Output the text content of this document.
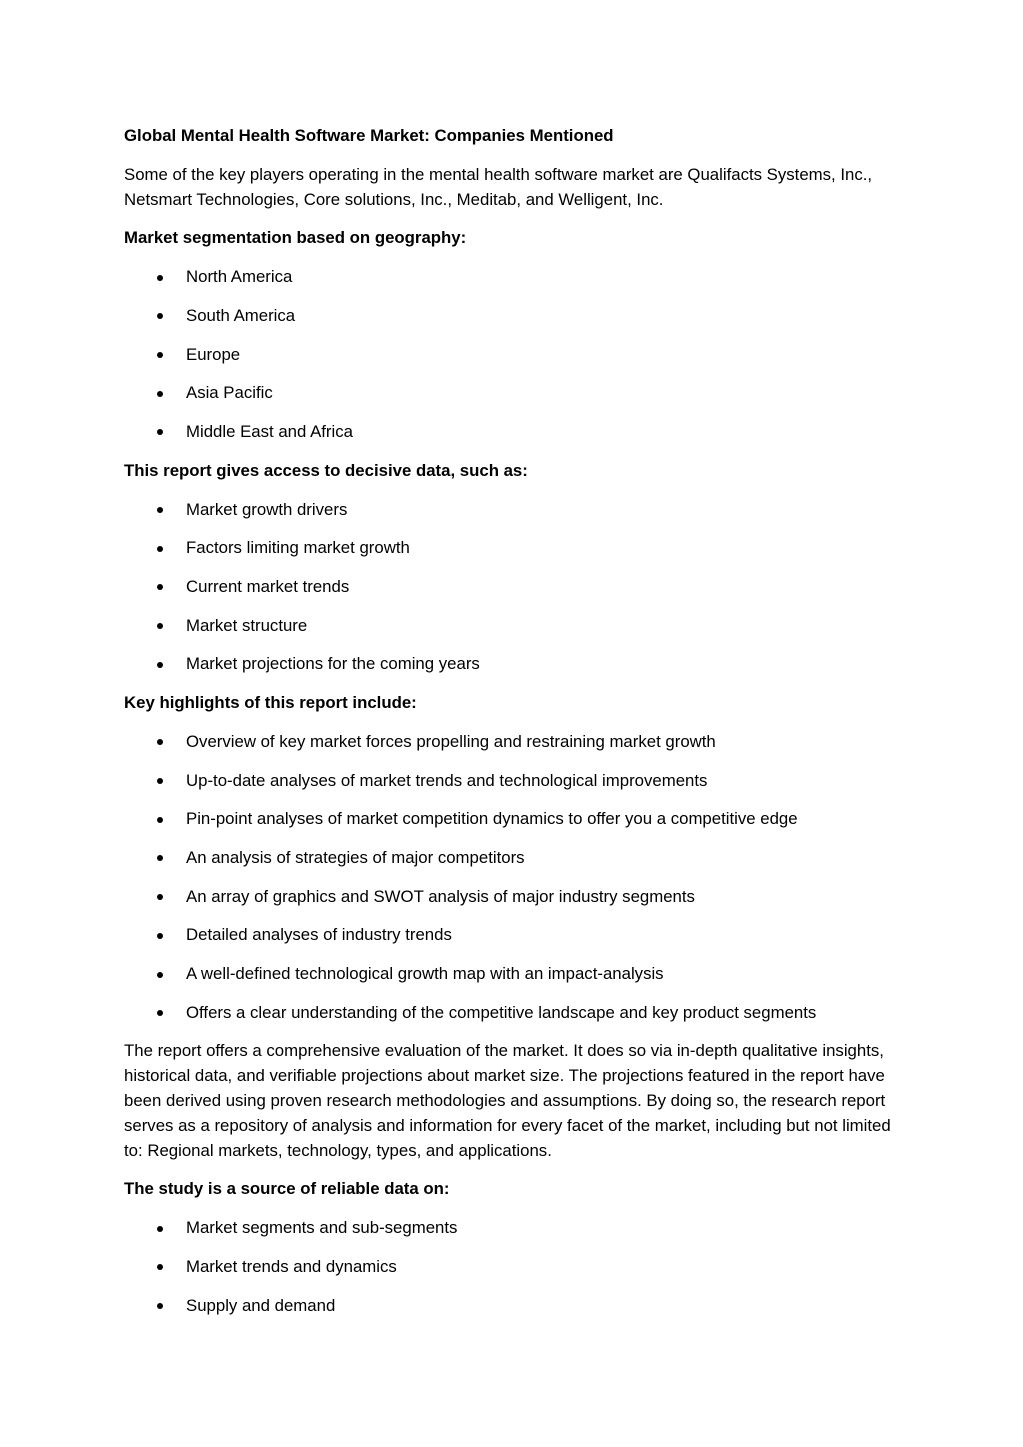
Global Mental Health Software Market: Companies Mentioned
Some of the key players operating in the mental health software market are Qualifacts Systems, Inc., Netsmart Technologies, Core solutions, Inc., Meditab, and Welligent, Inc.
Market segmentation based on geography:
North America
South America
Europe
Asia Pacific
Middle East and Africa
This report gives access to decisive data, such as:
Market growth drivers
Factors limiting market growth
Current market trends
Market structure
Market projections for the coming years
Key highlights of this report include:
Overview of key market forces propelling and restraining market growth
Up-to-date analyses of market trends and technological improvements
Pin-point analyses of market competition dynamics to offer you a competitive edge
An analysis of strategies of major competitors
An array of graphics and SWOT analysis of major industry segments
Detailed analyses of industry trends
A well-defined technological growth map with an impact-analysis
Offers a clear understanding of the competitive landscape and key product segments
The report offers a comprehensive evaluation of the market. It does so via in-depth qualitative insights, historical data, and verifiable projections about market size. The projections featured in the report have been derived using proven research methodologies and assumptions. By doing so, the research report serves as a repository of analysis and information for every facet of the market, including but not limited to: Regional markets, technology, types, and applications.
The study is a source of reliable data on:
Market segments and sub-segments
Market trends and dynamics
Supply and demand
